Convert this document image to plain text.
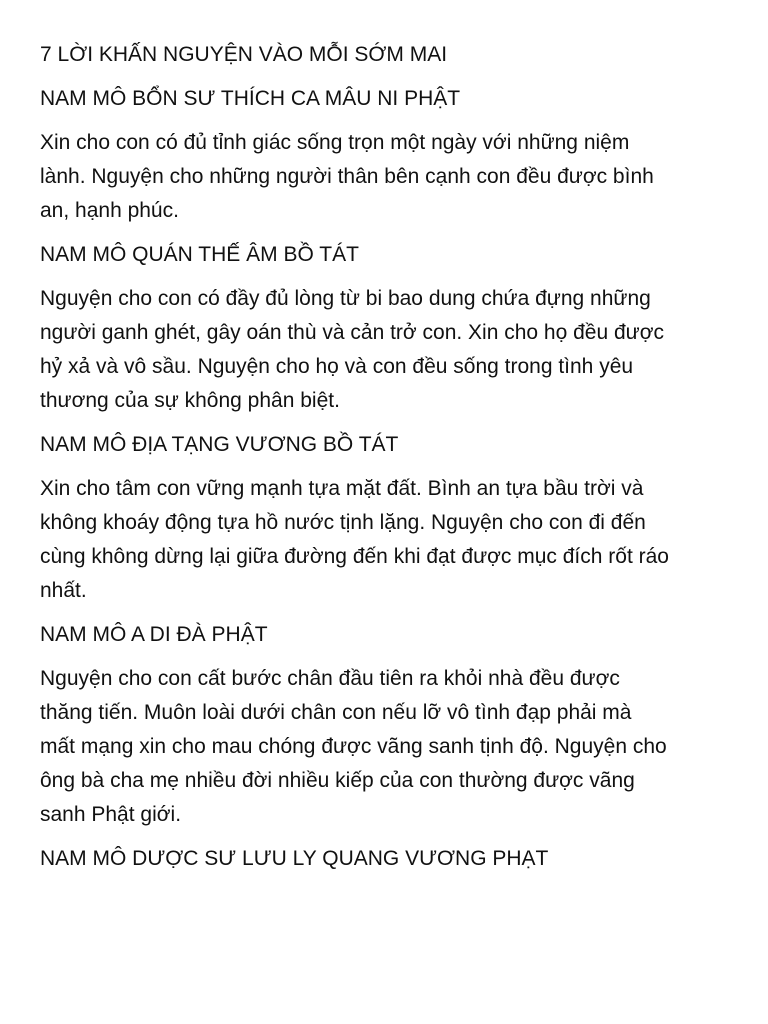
7 LỜI KHẤN NGUYỆN VÀO MỖI SỚM MAI

NAM MÔ BỔN SƯ THÍCH CA MÂU NI PHẬT

Xin cho con có đủ tỉnh giác sống trọn một ngày với những niệm

lành. Nguyện cho những người thân bên cạnh con đều được bình

an, hạnh phúc.

NAM MÔ QUÁN THẾ ÂM BỒ TÁT

Nguyện cho con có đầy đủ lòng từ bi bao dung chứa đựng những

người ganh ghét, gây oán thù và cản trở con. Xin cho họ đều được

hỷ xả và vô sầu. Nguyện cho họ và con đều sống trong tình yêu

thương của sự không phân biệt.

NAM MÔ ĐỊA TẠNG VƯƠNG BỒ TÁT

Xin cho tâm con vững mạnh tựa mặt đất. Bình an tựa bầu trời và

không khoáy động tựa hồ nước tịnh lặng. Nguyện cho con đi đến

cùng không dừng lại giữa đường đến khi đạt được mục đích rốt ráo

nhất.

NAM MÔ A DI ĐÀ PHẬT

Nguyện cho con cất bước chân đầu tiên ra khỏi nhà đều được

thăng tiến. Muôn loài dưới chân con nếu lỡ vô tình đạp phải mà

mất mạng xin cho mau chóng được vãng sanh tịnh độ. Nguyện cho

ông bà cha mẹ nhiều đời nhiều kiếp của con thường được vãng

sanh Phật giới.

NAM MÔ DƯỢC SƯ LƯU LY QUANG VƯƠNG PHẠT
